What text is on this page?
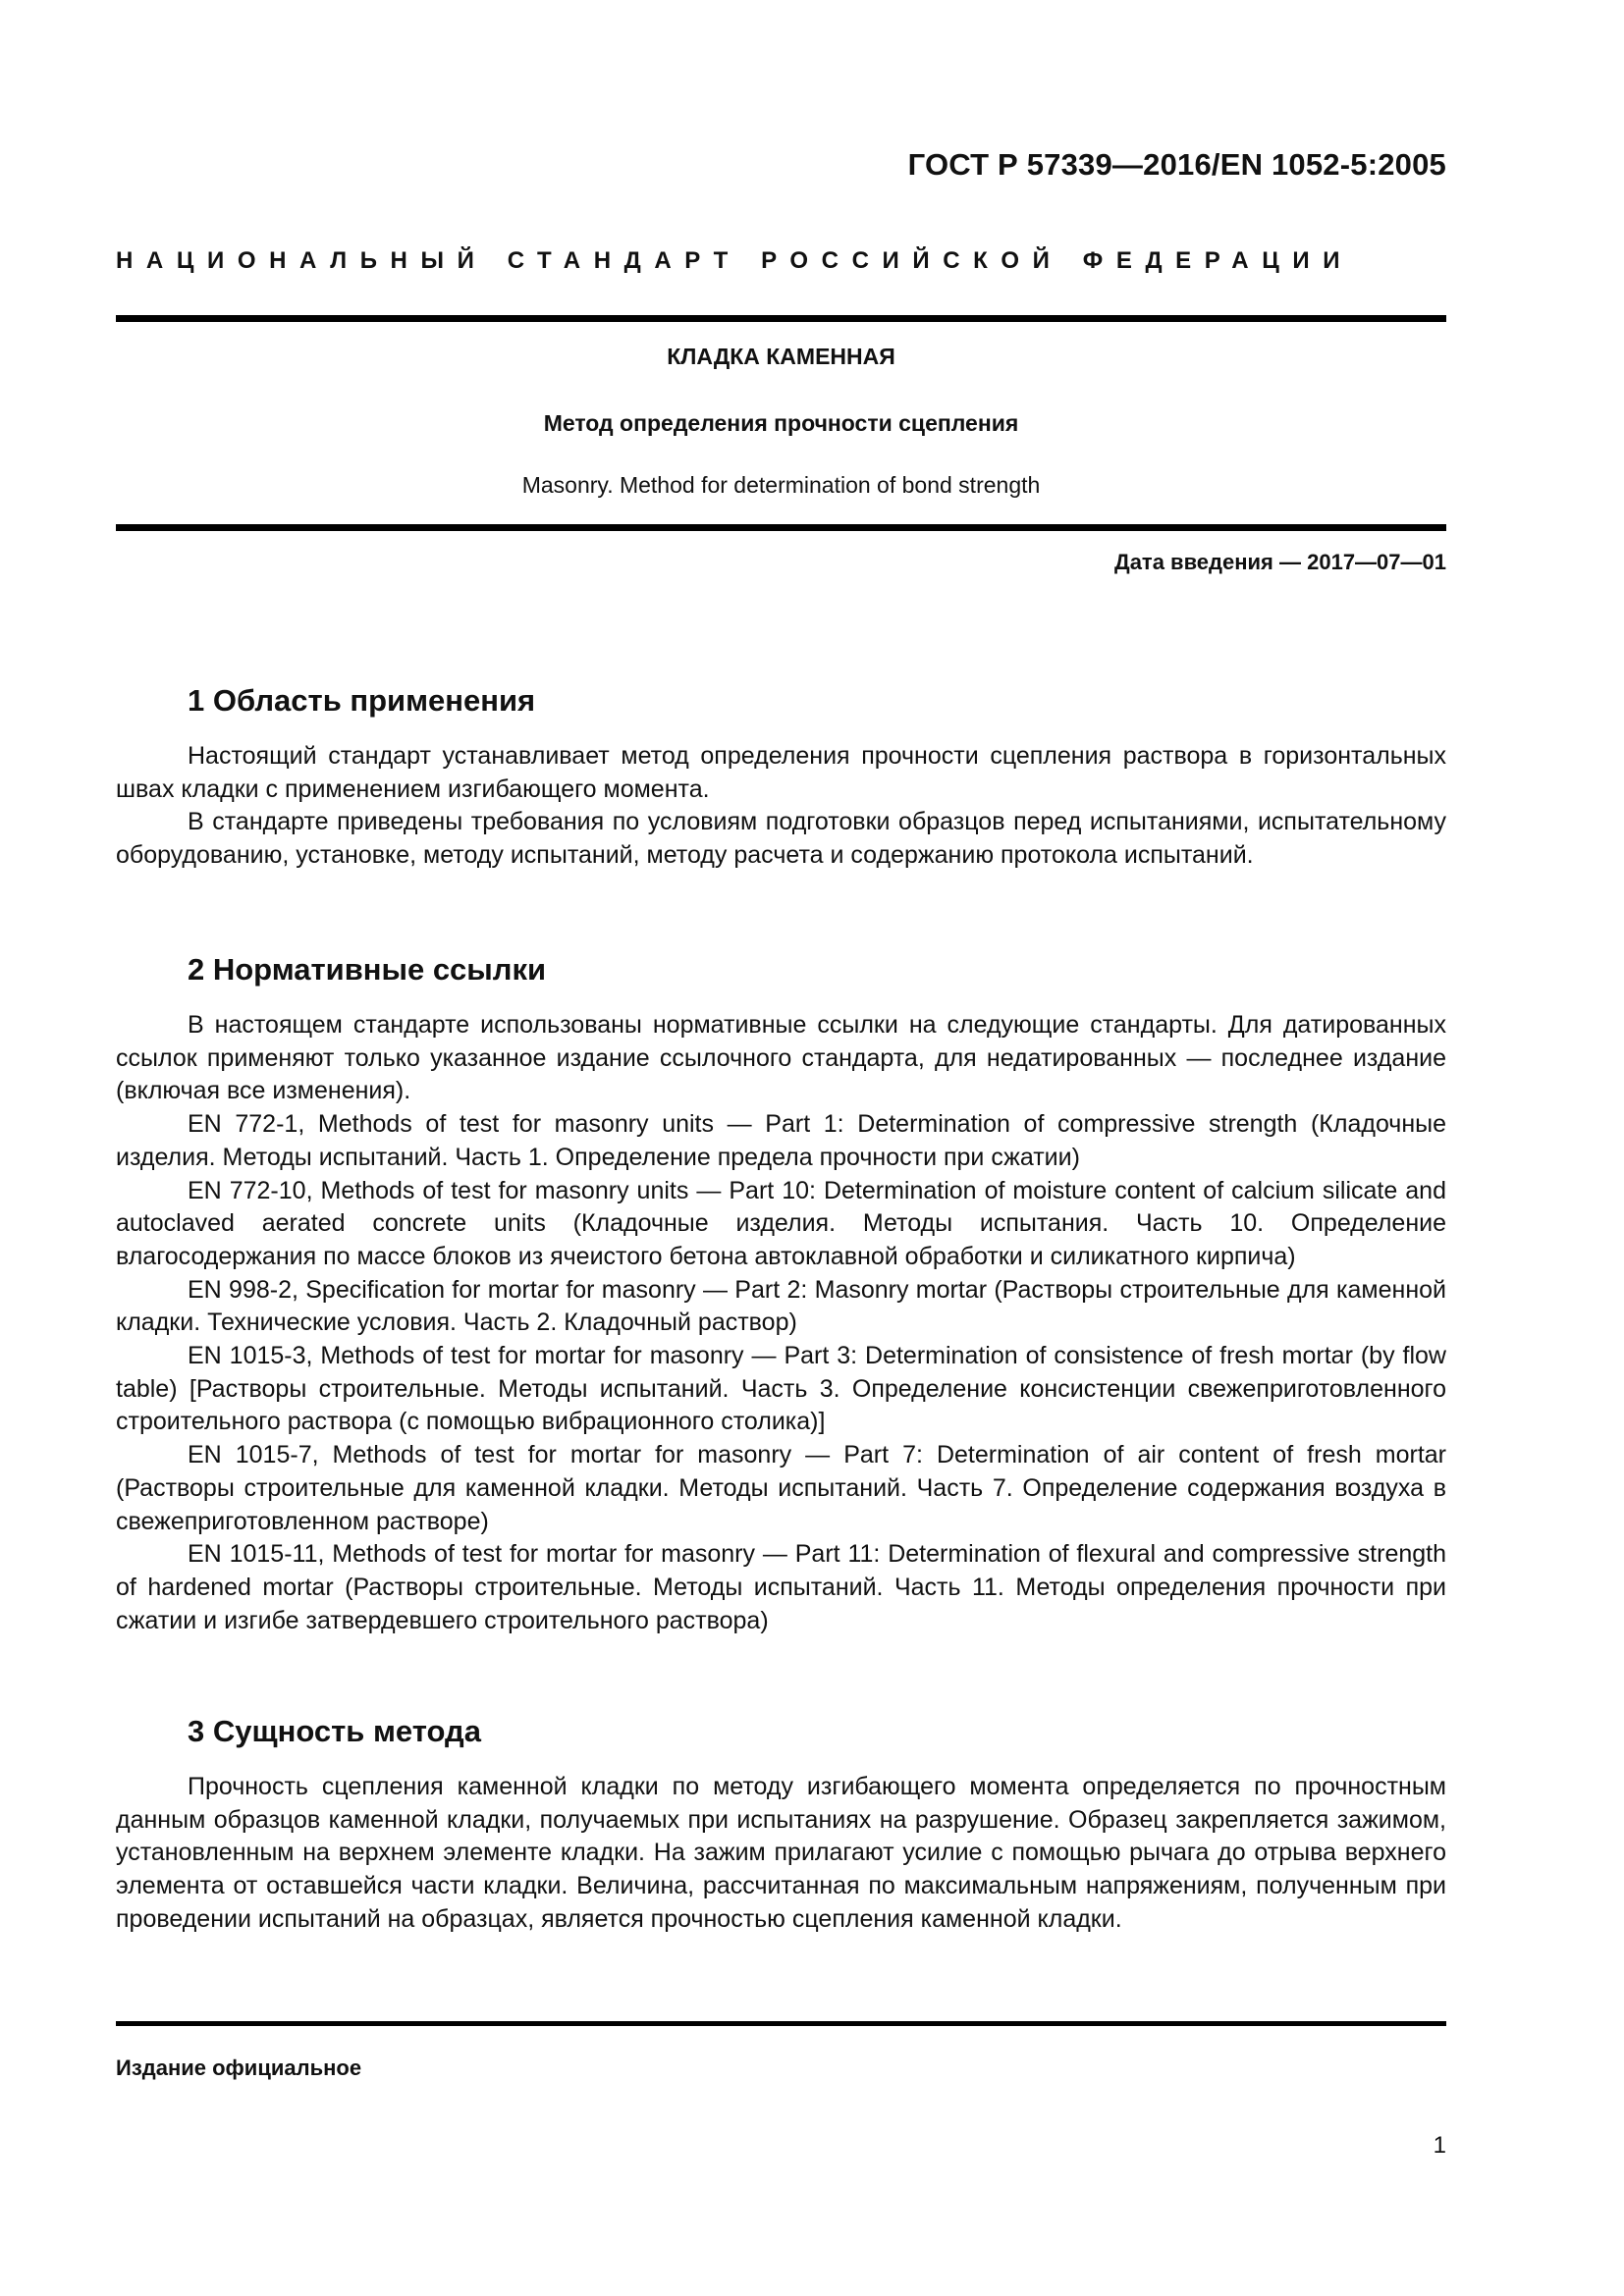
ГОСТ Р 57339—2016/EN 1052-5:2005
НАЦИОНАЛЬНЫЙ СТАНДАРТ РОССИЙСКОЙ ФЕДЕРАЦИИ
КЛАДКА КАМЕННАЯ
Метод определения прочности сцепления
Masonry. Method for determination of bond strength
Дата введения — 2017—07—01
1 Область применения

Настоящий стандарт устанавливает метод определения прочности сцепления раствора в горизонтальных швах кладки с применением изгибающего момента.

В стандарте приведены требования по условиям подготовки образцов перед испытаниями, испытательному оборудованию, установке, методу испытаний, методу расчета и содержанию протокола испытаний.

2 Нормативные ссылки

В настоящем стандарте использованы нормативные ссылки на следующие стандарты. Для датированных ссылок применяют только указанное издание ссылочного стандарта, для недатированных — последнее издание (включая все изменения).

EN 772-1, Methods of test for masonry units — Part 1: Determination of compressive strength (Кладочные изделия. Методы испытаний. Часть 1. Определение предела прочности при сжатии)

EN 772-10, Methods of test for masonry units — Part 10: Determination of moisture content of calcium silicate and autoclaved aerated concrete units (Кладочные изделия. Методы испытания. Часть 10. Определение влагосодержания по массе блоков из ячеистого бетона автоклавной обработки и силикатного кирпича)

EN 998-2, Specification for mortar for masonry — Part 2: Masonry mortar (Растворы строительные для каменной кладки. Технические условия. Часть 2. Кладочный раствор)

EN 1015-3, Methods of test for mortar for masonry — Part 3: Determination of consistence of fresh mortar (by flow table) [Растворы строительные. Методы испытаний. Часть 3. Определение консистенции свежеприготовленного строительного раствора (с помощью вибрационного столика)]

EN 1015-7, Methods of test for mortar for masonry — Part 7: Determination of air content of fresh mortar (Растворы строительные для каменной кладки. Методы испытаний. Часть 7. Определение содержания воздуха в свежеприготовленном растворе)

EN 1015-11, Methods of test for mortar for masonry — Part 11: Determination of flexural and compressive strength of hardened mortar (Растворы строительные. Методы испытаний. Часть 11. Методы определения прочности при сжатии и изгибе затвердевшего строительного раствора)

3 Сущность метода

Прочность сцепления каменной кладки по методу изгибающего момента определяется по прочностным данным образцов каменной кладки, получаемых при испытаниях на разрушение. Образец закрепляется зажимом, установленным на верхнем элементе кладки. На зажим прилагают усилие с помощью рычага до отрыва верхнего элемента от оставшейся части кладки. Величина, рассчитанная по максимальным напряжениям, полученным при проведении испытаний на образцах, является прочностью сцепления каменной кладки.

Издание официальное
1
